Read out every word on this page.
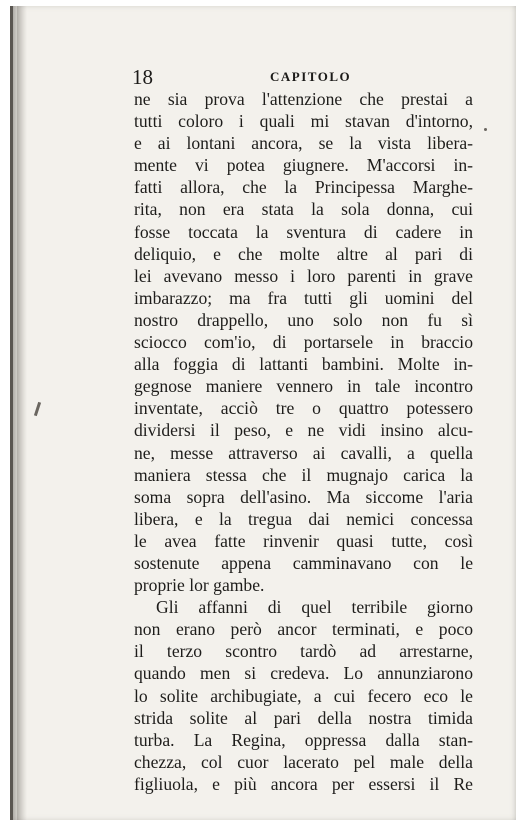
18	CAPITOLO
ne sia prova l'attenzione che prestai a
tutti coloro i quali mi stavan d'intorno,
e ai lontani ancora, se la vista libera-
mente vi potea giugnere. M'accorsi in-
fatti allora, che la Principessa Marghe-
rita, non era stata la sola donna, cui
fosse toccata la sventura di cadere in
deliquio, e che molte altre al pari di
lei avevano messo i loro parenti in grave
imbarazzo; ma fra tutti gli uomini del
nostro drappello, uno solo non fu sì
sciocco com'io, di portarsele in braccio
alla foggia di lattanti bambini. Molte in-
gegnose maniere vennero in tale incontro
inventate, acciò tre o quattro potessero
dividersi il peso, e ne vidi insino alcu-
ne, messe attraverso ai cavalli, a quella
maniera stessa che il mugnajo carica la
soma sopra dell'asino. Ma siccome l'aria
libera, e la tregua dai nemici concessa
le avea fatte rinvenir quasi tutte, così
sostenute appena camminavano con le
proprie lor gambe.
Gli affanni di quel terribile giorno
non erano però ancor terminati, e poco
il terzo scontro tardò ad arrestarne,
quando men si credeva. Lo annunziarono
lo solite archibugiate, a cui fecero eco le
strida solite al pari della nostra timida
turba. La Regina, oppressa dalla stan-
chezza, col cuor lacerato pel male della
figliuola, e più ancora per essersi il Re
